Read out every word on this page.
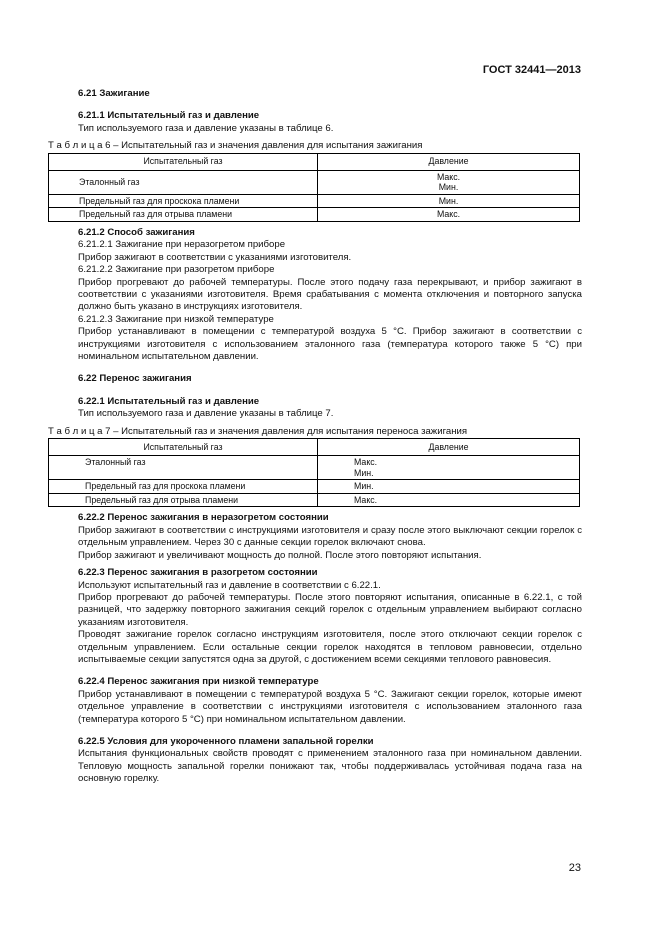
ГОСТ 32441—2013
6.21 Зажигание
6.21.1 Испытательный газ и давление
Тип используемого газа и давление указаны в таблице 6.
Т а б л и ц а 6 – Испытательный газ и значения давления для испытания зажигания
Испытательный газ	Давление
Эталонный газ	Макс.
Мин.

Предельный газ для проскока пламени	Мин.
Предельный газ для отрыва пламени	Макс.
6.21.2 Способ зажигания
6.21.2.1 Зажигание при неразогретом приборе
Прибор зажигают в соответствии с указаниями изготовителя.
6.21.2.2 Зажигание при разогретом приборе
Прибор прогревают до рабочей температуры. После этого подачу газа перекрывают, и прибор зажигают в соответствии с указаниями изготовителя. Время срабатывания с момента отключения и повторного запуска должно быть указано в инструкциях изготовителя.
6.21.2.3 Зажигание при низкой температуре
Прибор устанавливают в помещении с температурой воздуха 5 °С. Прибор зажигают в соответствии с инструкциями изготовителя с использованием эталонного газа (температура которого также 5 °С) при номинальном испытательном давлении.
6.22 Перенос зажигания
6.22.1 Испытательный газ и давление
Тип используемого газа и давление указаны в таблице 7.
Т а б л и ц а 7 – Испытательный газ и значения давления для испытания переноса зажигания
Испытательный газ	Давление
Эталонный газ	Макс.
Мин.

Предельный газ для проскока пламени	Мин.
Предельный газ для отрыва пламени	Макс.
6.22.2 Перенос зажигания в неразогретом состоянии
Прибор зажигают в соответствии с инструкциями изготовителя и сразу после этого выключают секции горелок с отдельным управлением. Через 30 с данные секции горелок включают снова.
Прибор зажигают и увеличивают мощность до полной. После этого повторяют испытания.
6.22.3 Перенос зажигания в разогретом состоянии
Используют испытательный газ и давление в соответствии с 6.22.1.
Прибор прогревают до рабочей температуры. После этого повторяют испытания, описанные в 6.22.1, с той разницей, что задержку повторного зажигания секций горелок с отдельным управлением выбирают согласно указаниям изготовителя.
Проводят зажигание горелок согласно инструкциям изготовителя, после этого отключают секции горелок с отдельным управлением. Если остальные секции горелок находятся в тепловом равновесии, отдельно испытываемые секции запустятся одна за другой, с достижением всеми секциями теплового равновесия.
6.22.4 Перенос зажигания при низкой температуре
Прибор устанавливают в помещении с температурой воздуха 5 °С. Зажигают секции горелок, которые имеют отдельное управление в соответствии с инструкциями изготовителя с использованием эталонного газа (температура которого 5 °С) при номинальном испытательном давлении.
6.22.5 Условия для укороченного пламени запальной горелки
Испытания функциональных свойств проводят с применением эталонного газа при номинальном давлении. Тепловую мощность запальной горелки понижают так, чтобы поддерживалась устойчивая подача газа на основную горелку.
23
